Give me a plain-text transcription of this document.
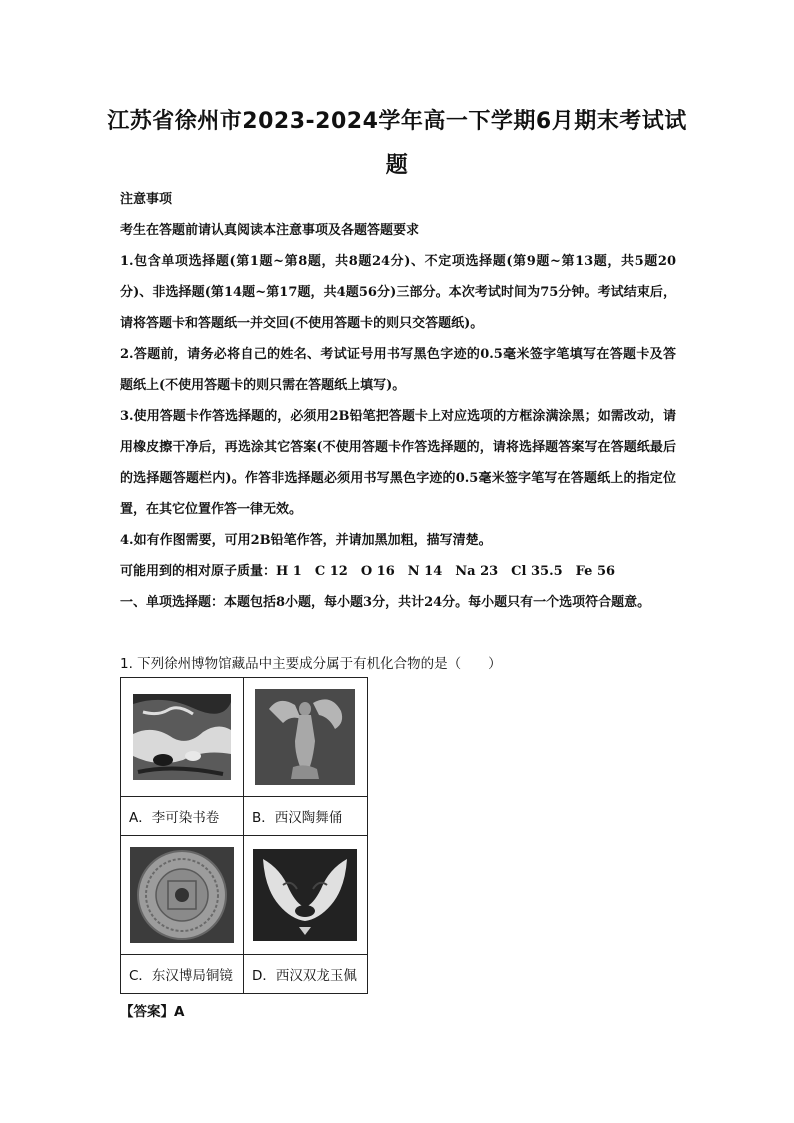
江苏省徐州市2023-2024学年高一下学期6月期末考试试
题

注意事项

考生在答题前请认真阅读本注意事项及各题答题要求

1.包含单项选择题(第1题~第8题，共8题24分)、不定项选择题(第9题~第13题，共5题20分)、非选择题(第14题~第17题，共4题56分)三部分。本次考试时间为75分钟。考试结束后，请将答题卡和答题纸一并交回(不使用答题卡的则只交答题纸)。

2.答题前，请务必将自己的姓名、考试证号用书写黑色字迹的0.5毫米签字笔填写在答题卡及答题纸上(不使用答题卡的则只需在答题纸上填写)。

3.使用答题卡作答选择题的，必须用2B铅笔把答题卡上对应选项的方框涂满涂黑；如需改动，请用橡皮擦干净后，再选涂其它答案(不使用答题卡作答选择题的，请将选择题答案写在答题纸最后的选择题答题栏内)。作答非选择题必须用书写黑色字迹的0.5毫米签字笔写在答题纸上的指定位置，在其它位置作答一律无效。

4.如有作图需要，可用2B铅笔作答，并请加黑加粗，描写清楚。

可能用到的相对原子质量：H 1　C 12　O 16　N 14　Na 23　Cl 35.5　Fe 56

一、单项选择题：本题包括8小题，每小题3分，共计24分。每小题只有一个选项符合题意。

1. 下列徐州博物馆藏品中主要成分属于有机化合物的是（　　）

A．李可染书卷	B．西汉陶舞俑

C．东汉博局铜镜	D．西汉双龙玉佩
【答案】A
